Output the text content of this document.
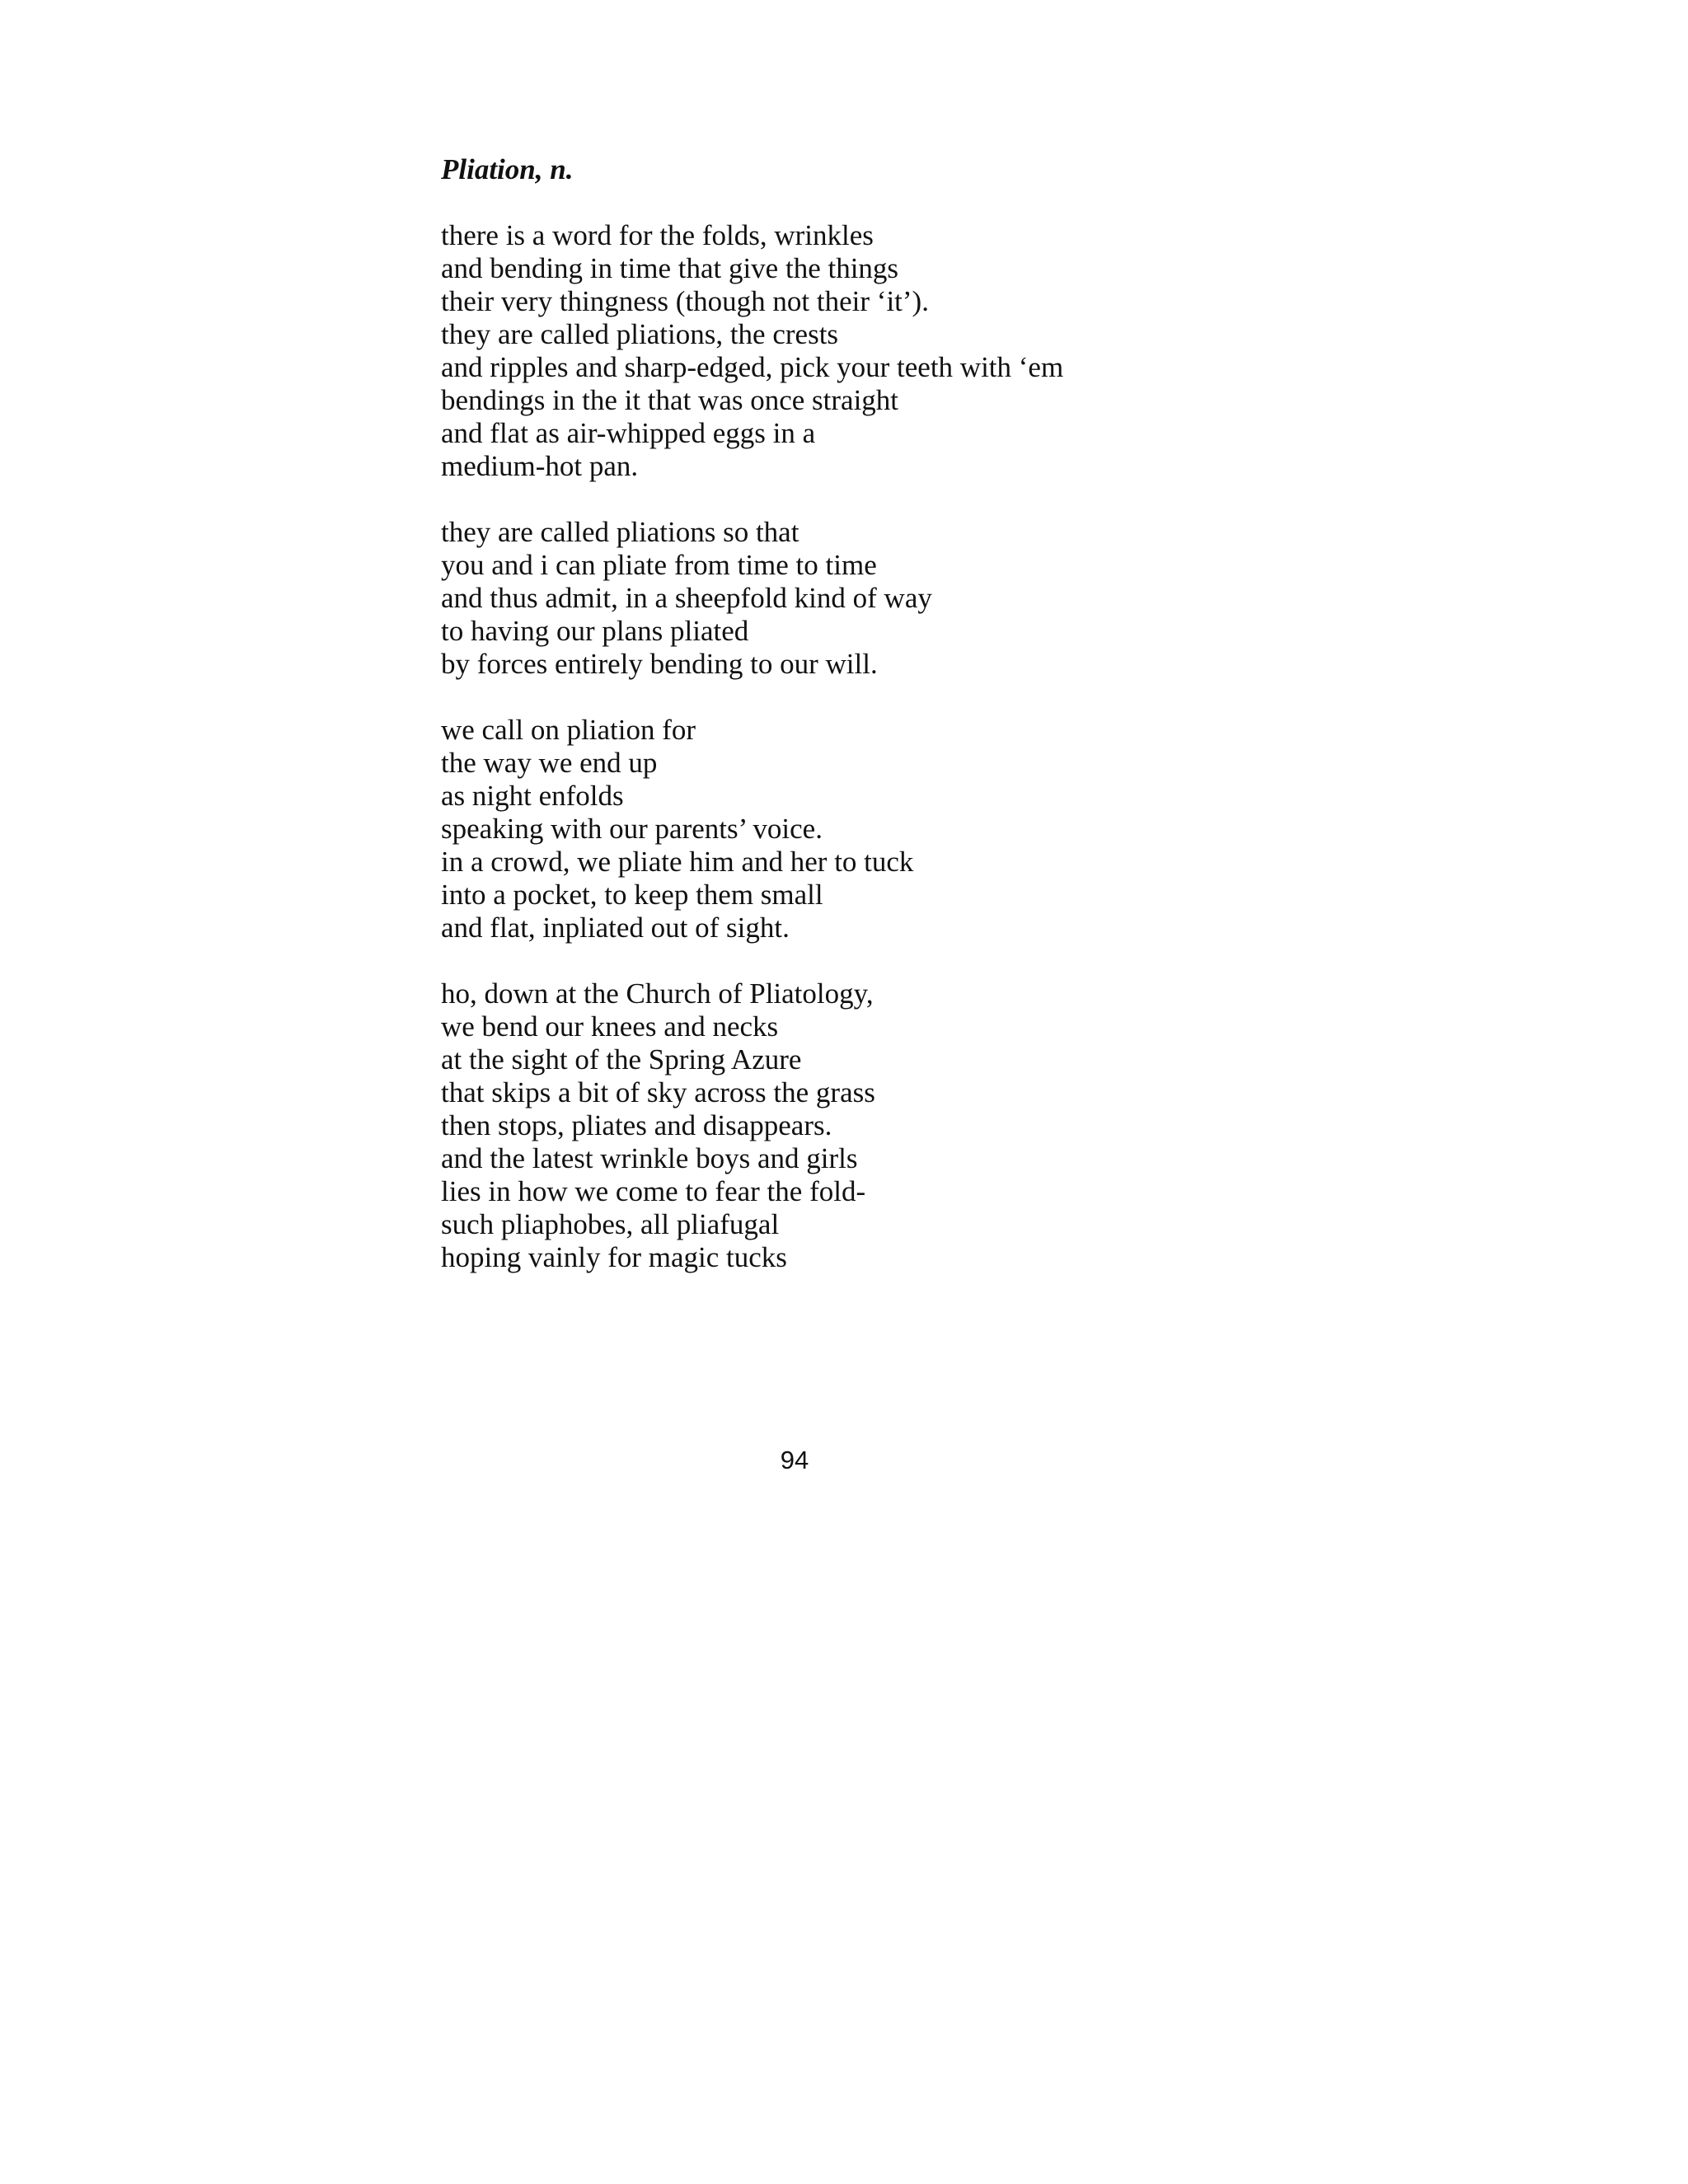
Pliation, n.
there is a word for the folds, wrinkles
and bending in time that give the things
their very thingness (though not their ‘it’).
they are called pliations, the crests
and ripples and sharp-edged, pick your teeth with ‘em
bendings in the it that was once straight
and flat as air-whipped eggs in a
medium-hot pan.
they are called pliations so that
you and i can pliate from time to time
and thus admit, in a sheepfold kind of way
to having our plans pliated
by forces entirely bending to our will.
we call on pliation for
the way we end up
as night enfolds
speaking with our parents’ voice.
in a crowd, we pliate him and her to tuck
into a pocket, to keep them small
and flat, inpliated out of sight.
ho, down at the Church of Pliatology,
we bend our knees and necks
at the sight of the Spring Azure
that skips a bit of sky across the grass
then stops, pliates and disappears.
and the latest wrinkle boys and girls
lies in how we come to fear the fold-
such pliaphobes, all pliafugal
hoping vainly for magic tucks
94
